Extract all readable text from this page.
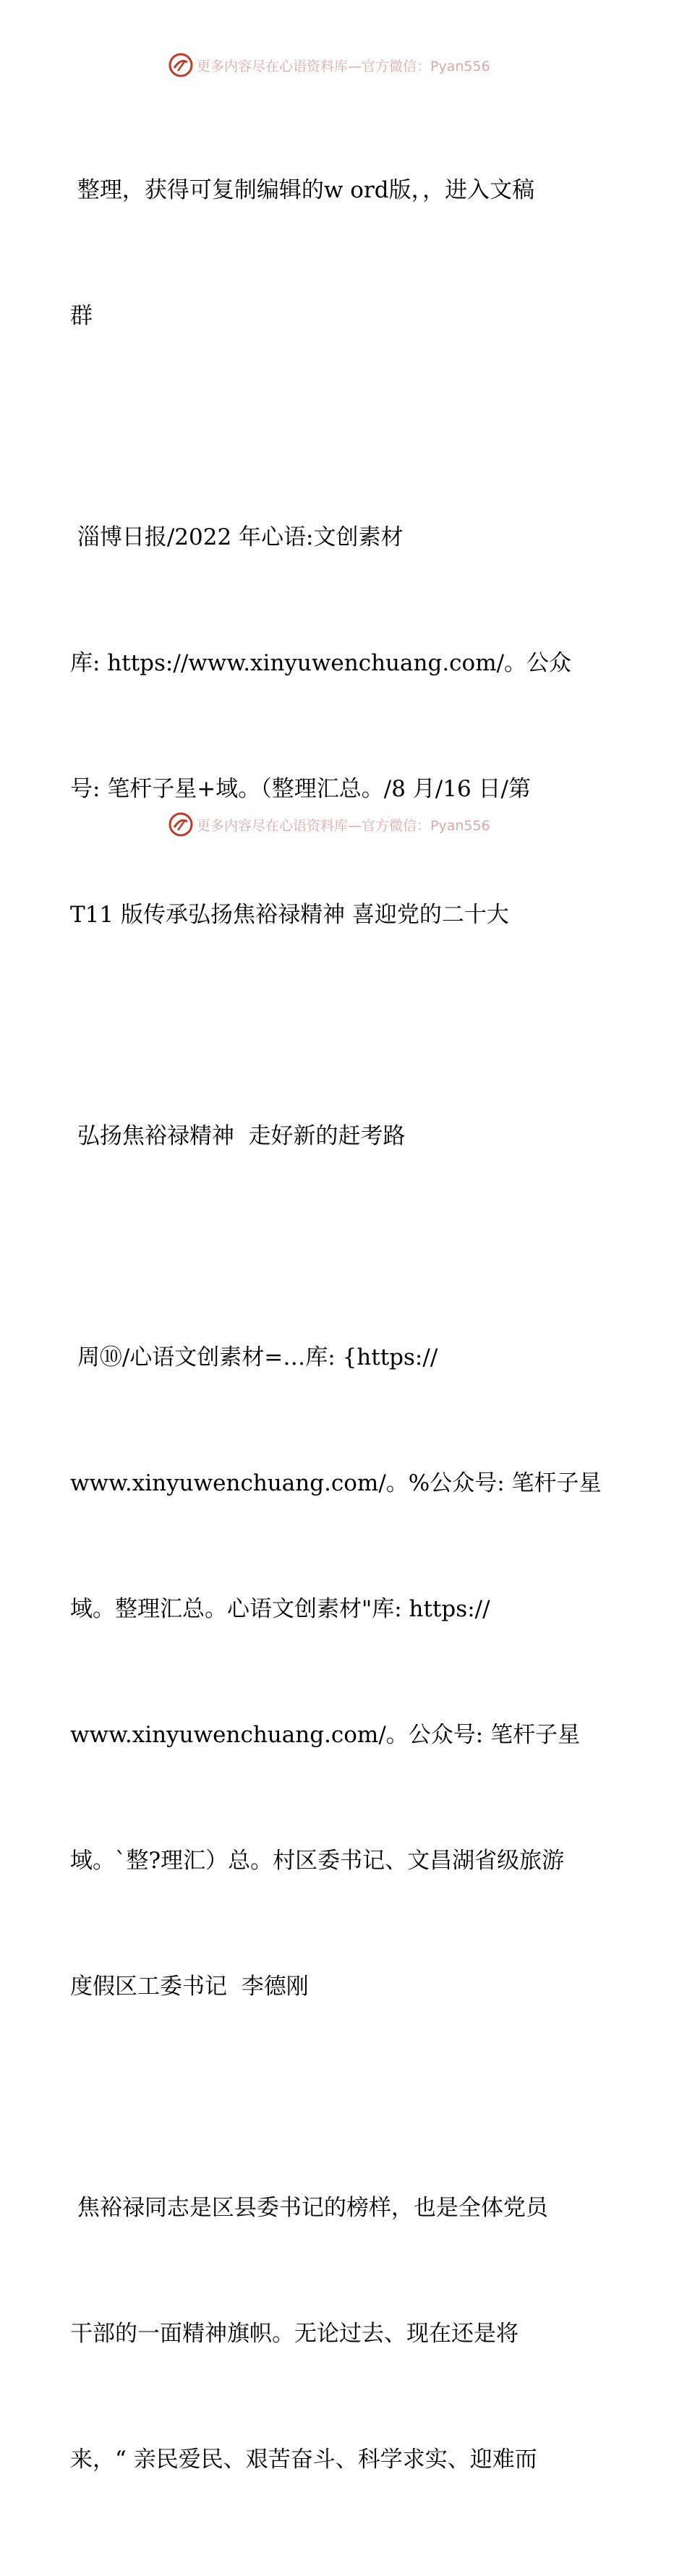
更多内容尽在心语资料库—官方微信：Pyan556

整理，获得可复制编辑的w ord版，，进入文稿

群

淄博日报/2022 年心语:文创素材

库: https://www.xinyuwenchuang.com/。公众

号: 笔杆子星+域。（整理汇总。/8 月/16 日/第

T11 版传承弘扬焦裕禄精神 喜迎党的二十大

弘扬焦裕禄精神  走好新的赶考路

周⑩/心语文创素材=…库: {https://

www.xinyuwenchuang.com/。%公众号: 笔杆子星

域。整理汇总。心语文创素材"库: https://

www.xinyuwenchuang.com/。公众号: 笔杆子星

域。`整?理汇）总。村区委书记、文昌湖省级旅游

度假区工委书记  李德刚

焦裕禄同志是区县委书记的榜样，也是全体党员

干部的一面精神旗帜。无论过去、现在还是将

来，“ 亲民爱民、艰苦奋斗、科学求实、迎难而

更多内容尽在心语资料库—官方微信：Pyan556
